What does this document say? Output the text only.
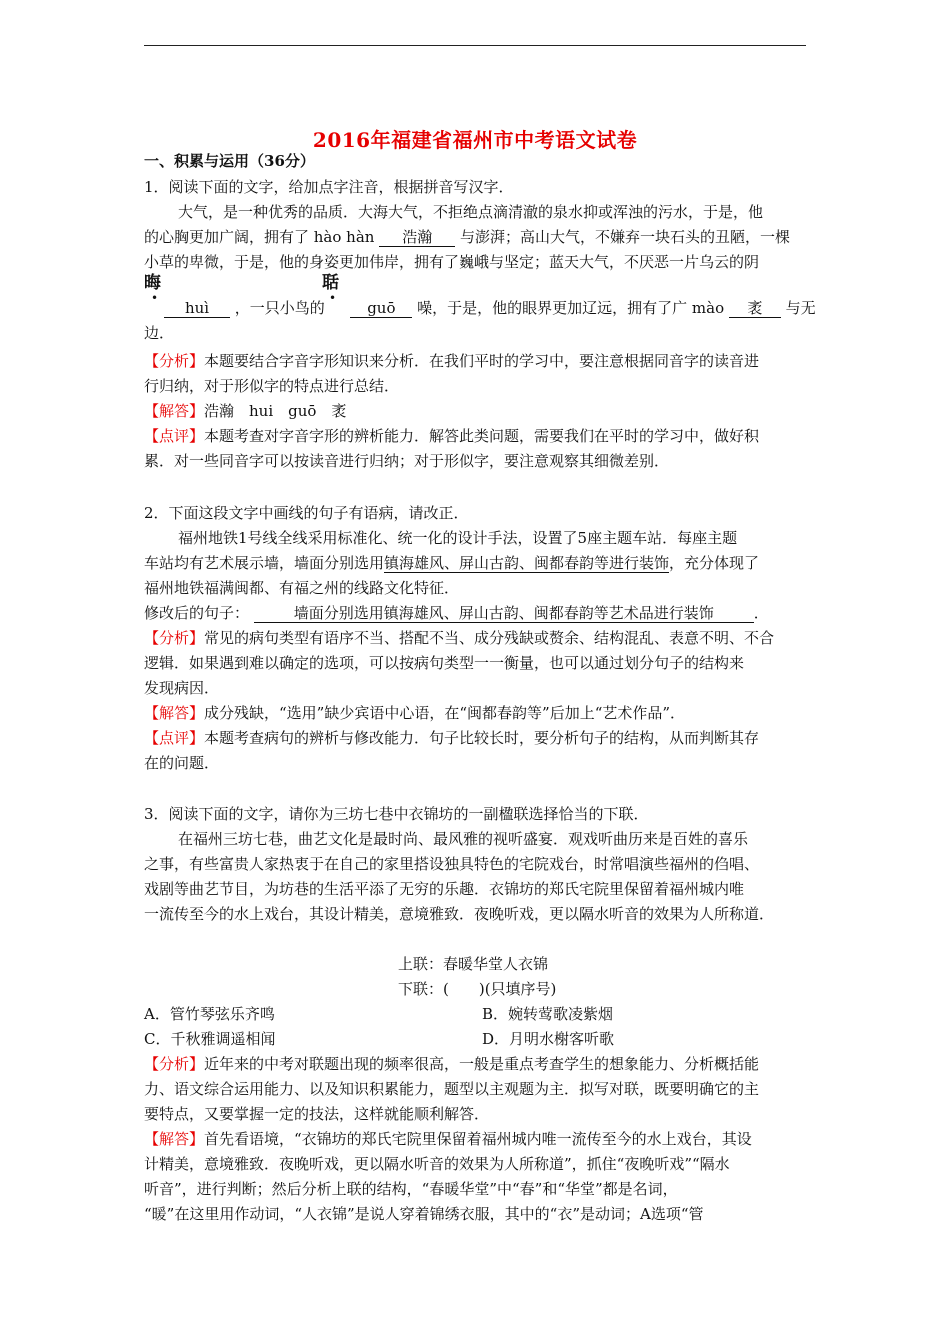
2016年福建省福州市中考语文试卷
一、积累与运用（36分）
1．阅读下面的文字，给加点字注音，根据拼音写汉字．
大气，是一种优秀的品质．大海大气，不拒绝点滴清澈的泉水抑或浑浊的污水，于是，他
的心胸更加广阔，拥有了 hào hàn 浩瀚 与澎湃；高山大气，不嫌弃一块石头的丑陋，一棵
小草的卑微，于是，他的身姿更加伟岸，拥有了巍峨与坚定；蓝天大气，不厌恶一片乌云的阴
晦	聒
•	•
huì ，一只小鸟的	guō 噪，于是，他的眼界更加辽远，拥有了广 mào 袤 与无
边．
【分析】本题要结合字音字形知识来分析．在我们平时的学习中，要注意根据同音字的读音进
行归纳，对于形似字的特点进行总结．
【解答】浩瀚　hui　guō　袤
【点评】本题考查对字音字形的辨析能力．解答此类问题，需要我们在平时的学习中，做好积
累．对一些同音字可以按读音进行归纳；对于形似字，要注意观察其细微差别．
2．下面这段文字中画线的句子有语病，请改正．
福州地铁1号线全线采用标准化、统一化的设计手法，设置了5座主题车站．每座主题
车站均有艺术展示墙，墙面分别选用镇海雄风、屏山古韵、闽都春韵等进行装饰，充分体现了
福州地铁福满闽都、有福之州的线路文化特征．
修改后的句子：	墙面分别选用镇海雄风、屏山古韵、闽都春韵等艺术品进行装饰	．
【分析】常见的病句类型有语序不当、搭配不当、成分残缺或赘余、结构混乱、表意不明、不合
逻辑．如果遇到难以确定的选项，可以按病句类型一一衡量，也可以通过划分句子的结构来
发现病因．
【解答】成分残缺，“选用”缺少宾语中心语，在“闽都春韵等”后加上“艺术作品”．
【点评】本题考查病句的辨析与修改能力．句子比较长时，要分析句子的结构，从而判断其存
在的问题．
3．阅读下面的文字，请你为三坊七巷中衣锦坊的一副楹联选择恰当的下联．
在福州三坊七巷，曲艺文化是最时尚、最风雅的视听盛宴．观戏听曲历来是百姓的喜乐
之事，有些富贵人家热衷于在自己的家里搭设独具特色的宅院戏台，时常唱演些福州的㑇唱、
戏剧等曲艺节目，为坊巷的生活平添了无穷的乐趣．衣锦坊的郑氏宅院里保留着福州城内唯
一流传至今的水上戏台，其设计精美，意境雅致．夜晚听戏，更以隔水听音的效果为人所称道．
上联：春暖华堂人衣锦
下联：(　　)(只填序号)
A．管竹琴弦乐齐鸣	B．婉转莺歌凌紫烟
C．千秋雅调遥相闻	D．月明水榭客听歌
【分析】近年来的中考对联题出现的频率很高，一般是重点考查学生的想象能力、分析概括能
力、语文综合运用能力、以及知识积累能力，题型以主观题为主．拟写对联，既要明确它的主
要特点，又要掌握一定的技法，这样就能顺利解答．
【解答】首先看语境，“衣锦坊的郑氏宅院里保留着福州城内唯一流传至今的水上戏台，其设
计精美，意境雅致．夜晚听戏，更以隔水听音的效果为人所称道”，抓住“夜晚听戏”“隔水
听音”，进行判断；然后分析上联的结构，“春暖华堂”中“春”和“华堂”都是名词，
“暖”在这里用作动词，“人衣锦”是说人穿着锦绣衣服，其中的“衣”是动词；A选项“管
